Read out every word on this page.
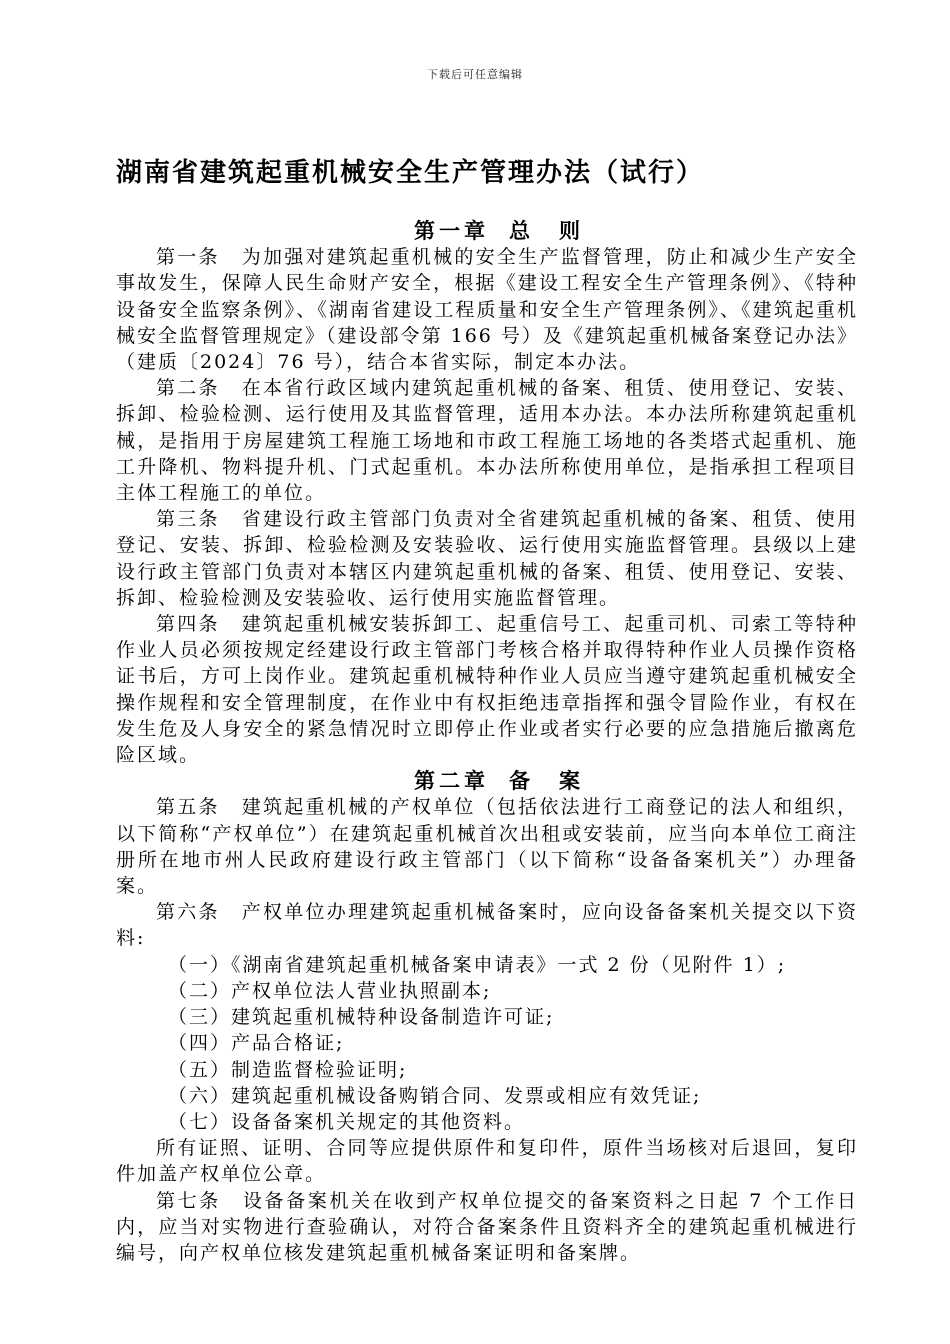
下载后可任意编辑
湖南省建筑起重机械安全生产管理办法（试行）

第一章 总　则

第一条 为加强对建筑起重机械的安全生产监督管理，防止和减少生产安全事故发生，保障人民生命财产安全，根据《建设工程安全生产管理条例》、《特种设备安全监察条例》、《湖南省建设工程质量和安全生产管理条例》、《建筑起重机械安全监督管理规定》（建设部令第 166 号）及《建筑起重机械备案登记办法》（建质〔2024〕76 号），结合本省实际，制定本办法。

第二条 在本省行政区域内建筑起重机械的备案、租赁、使用登记、安装、拆卸、检验检测、运行使用及其监督管理，适用本办法。本办法所称建筑起重机械，是指用于房屋建筑工程施工场地和市政工程施工场地的各类塔式起重机、施工升降机、物料提升机、门式起重机。本办法所称使用单位，是指承担工程项目主体工程施工的单位。

第三条 省建设行政主管部门负责对全省建筑起重机械的备案、租赁、使用登记、安装、拆卸、检验检测及安装验收、运行使用实施监督管理。县级以上建设行政主管部门负责对本辖区内建筑起重机械的备案、租赁、使用登记、安装、拆卸、检验检测及安装验收、运行使用实施监督管理。

第四条 建筑起重机械安装拆卸工、起重信号工、起重司机、司索工等特种作业人员必须按规定经建设行政主管部门考核合格并取得特种作业人员操作资格证书后，方可上岗作业。建筑起重机械特种作业人员应当遵守建筑起重机械安全操作规程和安全管理制度，在作业中有权拒绝违章指挥和强令冒险作业，有权在发生危及人身安全的紧急情况时立即停止作业或者实行必要的应急措施后撤离危险区域。

第二章 备　案

第五条 建筑起重机械的产权单位（包括依法进行工商登记的法人和组织，以下简称“产权单位”）在建筑起重机械首次出租或安装前，应当向本单位工商注册所在地市州人民政府建设行政主管部门（以下简称“设备备案机关”）办理备案。

第六条 产权单位办理建筑起重机械备案时，应向设备备案机关提交以下资料:

（一）《湖南省建筑起重机械备案申请表》一式 2 份（见附件 1）;

（二）产权单位法人营业执照副本;

（三）建筑起重机械特种设备制造许可证;

（四）产品合格证;

（五）制造监督检验证明;

（六）建筑起重机械设备购销合同、发票或相应有效凭证;

（七）设备备案机关规定的其他资料。

所有证照、证明、合同等应提供原件和复印件，原件当场核对后退回，复印件加盖产权单位公章。

第七条 设备备案机关在收到产权单位提交的备案资料之日起 7 个工作日内，应当对实物进行查验确认，对符合备案条件且资料齐全的建筑起重机械进行编号，向产权单位核发建筑起重机械备案证明和备案牌。
